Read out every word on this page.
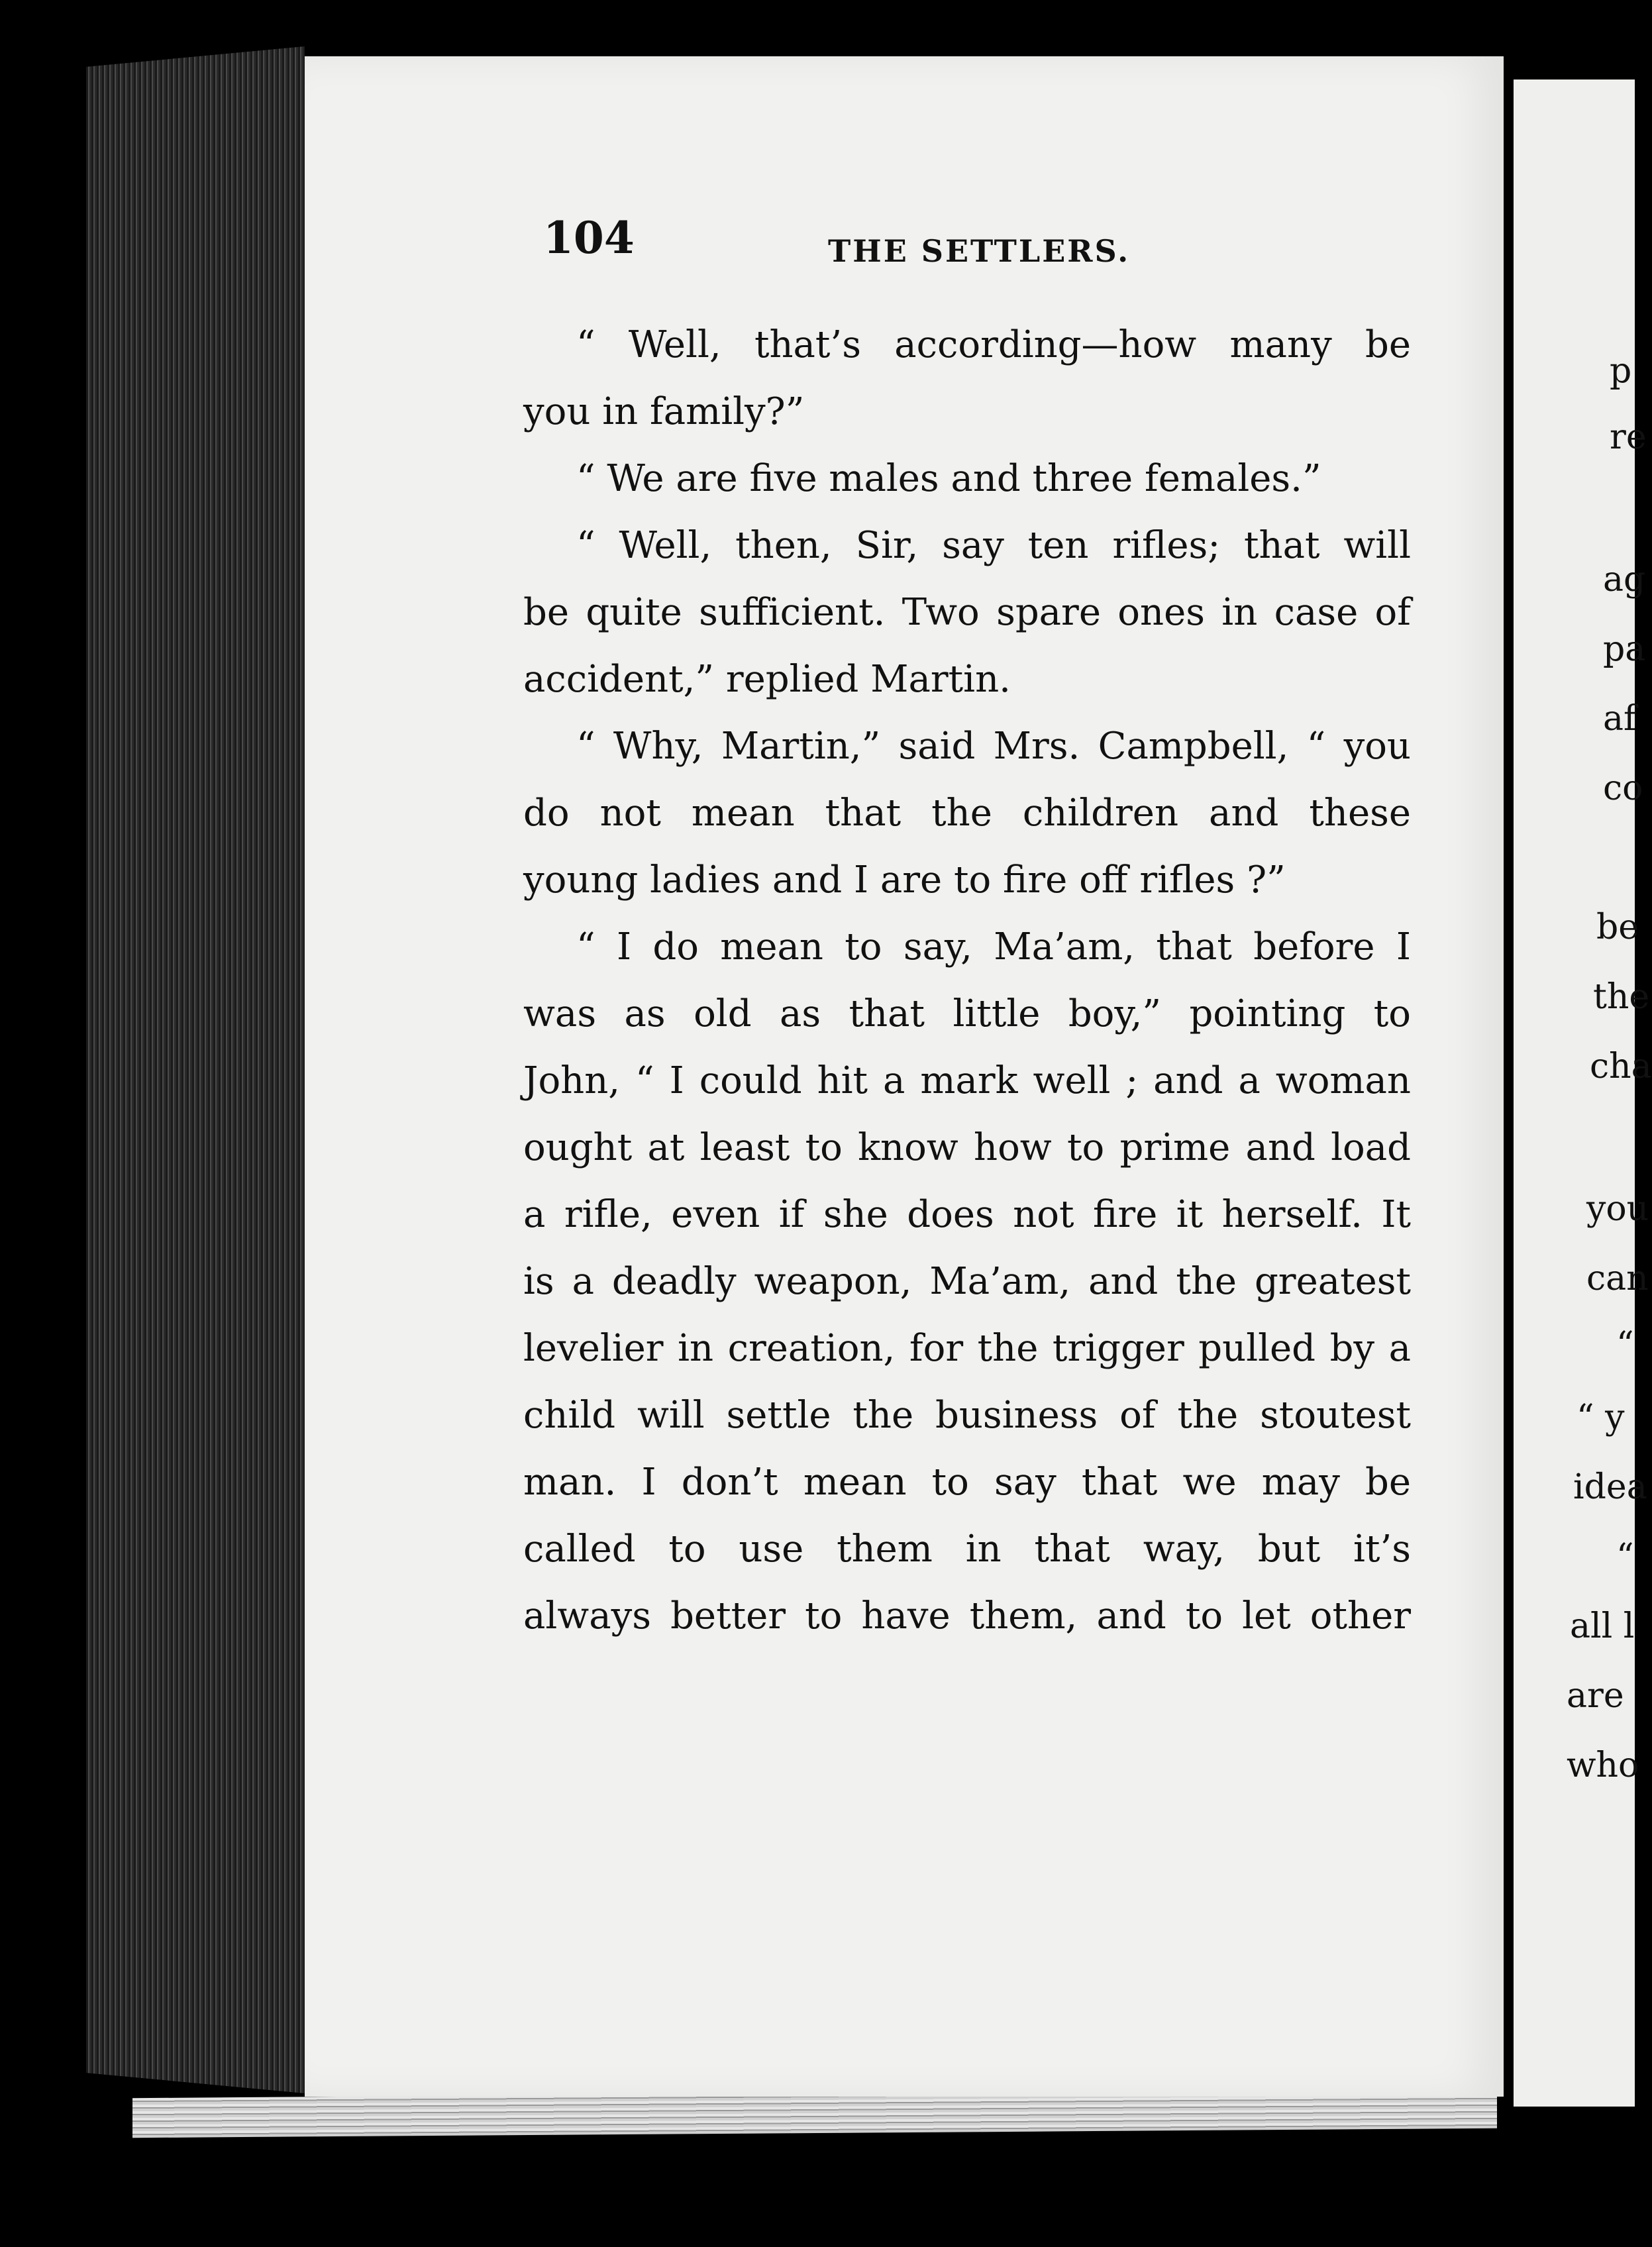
104	THE SETTLERS.
“ Well, that’s according—how many be
you in family?”
“ We are five males and three females.”
“ Well, then, Sir, say ten rifles; that will
be quite sufficient. Two spare ones in case of
accident,” replied Martin.
“ Why, Martin,” said Mrs. Campbell, “ you
do not mean that the children and these
young ladies and I are to fire off rifles ?”
“ I do mean to say, Ma’am, that before I
was as old as that little boy,” pointing to
John, “ I could hit a mark well ; and a woman
ought at least to know how to prime and load
a rifle, even if she does not fire it herself. It
is a deadly weapon, Ma’am, and the greatest
levelier in creation, for the trigger pulled by a
child will settle the business of the stoutest
man. I don’t mean to say that we may be
called to use them in that way, but it’s
always better to have them, and to let other
p
re
ag
pa
af
co
be
the
cha
you
can
“
“ y
idea
“
all l
are
who
